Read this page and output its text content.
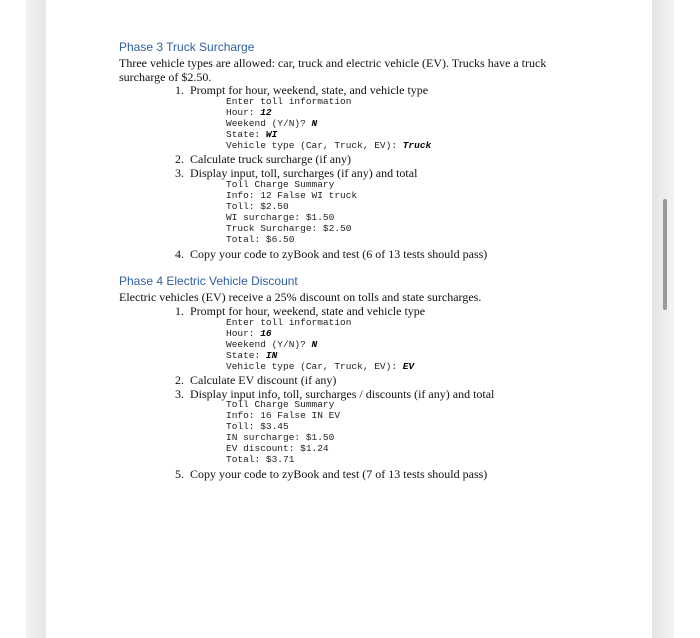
Phase 3 Truck Surcharge
Three vehicle types are allowed: car, truck and electric vehicle (EV). Trucks have a truck
surcharge of $2.50.
1. Prompt for hour, weekend, state, and vehicle type
Enter toll information
Hour: 12
Weekend (Y/N)? N
State: WI
Vehicle type (Car, Truck, EV): Truck
2. Calculate truck surcharge (if any)
3. Display input, toll, surcharges (if any) and total
Toll Charge Summary
Info: 12 False WI truck
Toll: $2.50
WI surcharge: $1.50
Truck Surcharge: $2.50
Total: $6.50
4. Copy your code to zyBook and test (6 of 13 tests should pass)
Phase 4 Electric Vehicle Discount
Electric vehicles (EV) receive a 25% discount on tolls and state surcharges.
1. Prompt for hour, weekend, state and vehicle type
Enter toll information
Hour: 16
Weekend (Y/N)? N
State: IN
Vehicle type (Car, Truck, EV): EV
2. Calculate EV discount (if any)
3. Display input info, toll, surcharges / discounts (if any) and total
Toll Charge Summary
Info: 16 False IN EV
Toll: $3.45
IN surcharge: $1.50
EV discount: $1.24
Total: $3.71
5. Copy your code to zyBook and test (7 of 13 tests should pass)
